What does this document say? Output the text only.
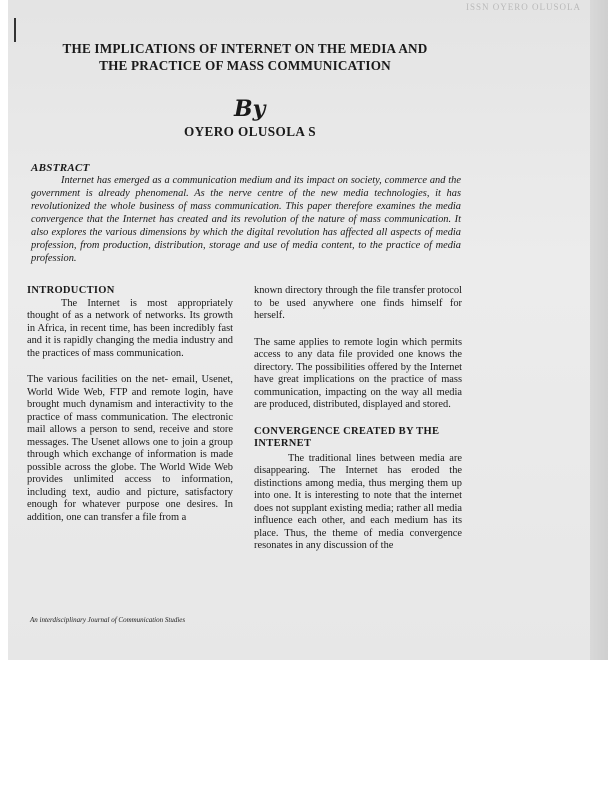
ISSN OYERO OLUSOLA
THE IMPLICATIONS OF INTERNET ON THE MEDIA AND
THE PRACTICE OF MASS COMMUNICATION
By
OYERO OLUSOLA S
ABSTRACT
Internet has emerged as a communication medium and its impact on society, commerce and the government is already phenomenal. As the nerve centre of the new media technologies, it has revolutionized the whole business of mass communication. This paper therefore examines the media convergence that the Internet has created and its revolution of the nature of mass communication. It also explores the various dimensions by which the digital revolution has affected all aspects of media profession, from production, distribution, storage and use of media content, to the practice of media profession.
INTRODUCTION

The Internet is most appropriately thought of as a network of networks. Its growth in Africa, in recent time, has been incredibly fast and it is rapidly changing the media industry and the practices of mass communication.

The various facilities on the net- email, Usenet, World Wide Web, FTP and remote login, have brought much dynamism and interactivity to the practice of mass communication. The electronic mail allows a person to send, receive and store messages. The Usenet allows one to join a group through which exchange of information is made possible across the globe. The World Wide Web provides unlimited access to information, including text, audio and picture, satisfactory enough for whatever purpose one desires. In addition, one can transfer a file from a

known directory through the file transfer protocol to be used anywhere one finds himself for herself.

The same applies to remote login which permits access to any data file provided one knows the directory. The possibilities offered by the Internet have great implications on the practice of mass communication, impacting on the way all media are produced, distributed, displayed and stored.

CONVERGENCE CREATED BY THE INTERNET

The traditional lines between media are disappearing. The Internet has eroded the distinctions among media, thus merging them up into one. It is interesting to note that the internet does not supplant existing media; rather all media influence each other, and each medium has its place. Thus, the theme of media convergence resonates in any discussion of the

An interdisciplinary Journal of Communication Studies
